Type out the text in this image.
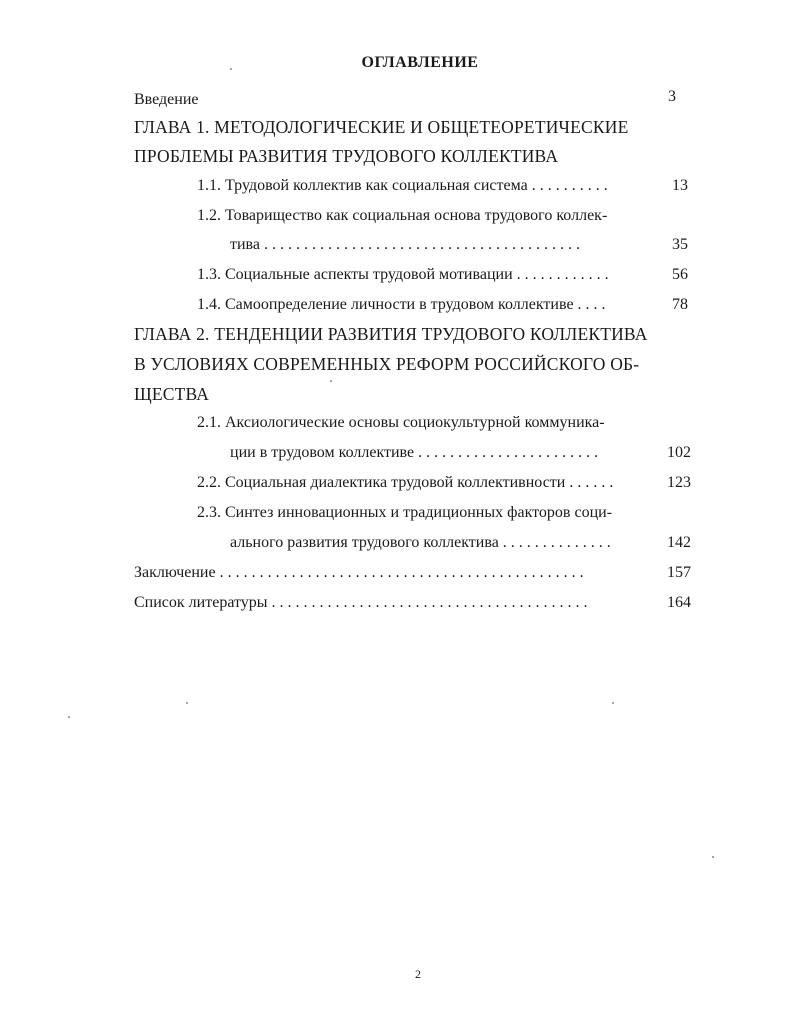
ОГЛАВЛЕНИЕ
Введение	3
ГЛАВА 1. МЕТОДОЛОГИЧЕСКИЕ И ОБЩЕТЕОРЕТИЧЕСКИЕ
ПРОБЛЕМЫ РАЗВИТИЯ ТРУДОВОГО КОЛЛЕКТИВА
1.1. Трудовой коллектив как социальная система . . . . . . . . . .	13
1.2. Товарищество как социальная основа трудового коллек-
тива . . . . . . . . . . . . . . . . . . . . . . . . . . . . . . . . . . . . . . . .	35
1.3. Социальные аспекты трудовой мотивации . . . . . . . . . . . .	56
1.4. Самоопределение личности в трудовом коллективе . . . .	78
ГЛАВА 2. ТЕНДЕНЦИИ РАЗВИТИЯ ТРУДОВОГО КОЛЛЕКТИВА
В УСЛОВИЯХ СОВРЕМЕННЫХ РЕФОРМ РОССИЙСКОГО ОБ-
ЩЕСТВА
2.1. Аксиологические основы социокультурной коммуника-
ции в трудовом коллективе . . . . . . . . . . . . . . . . . . . . . . .	102
2.2. Социальная диалектика трудовой коллективности . . . . . .	123
2.3. Синтез инновационных и традиционных факторов соци-
ального развития трудового коллектива . . . . . . . . . . . . . .	142
Заключение . . . . . . . . . . . . . . . . . . . . . . . . . . . . . . . . . . . . . . . . . . . . . .	157
Список литературы . . . . . . . . . . . . . . . . . . . . . . . . . . . . . . . . . . . . . . . .	164
2
